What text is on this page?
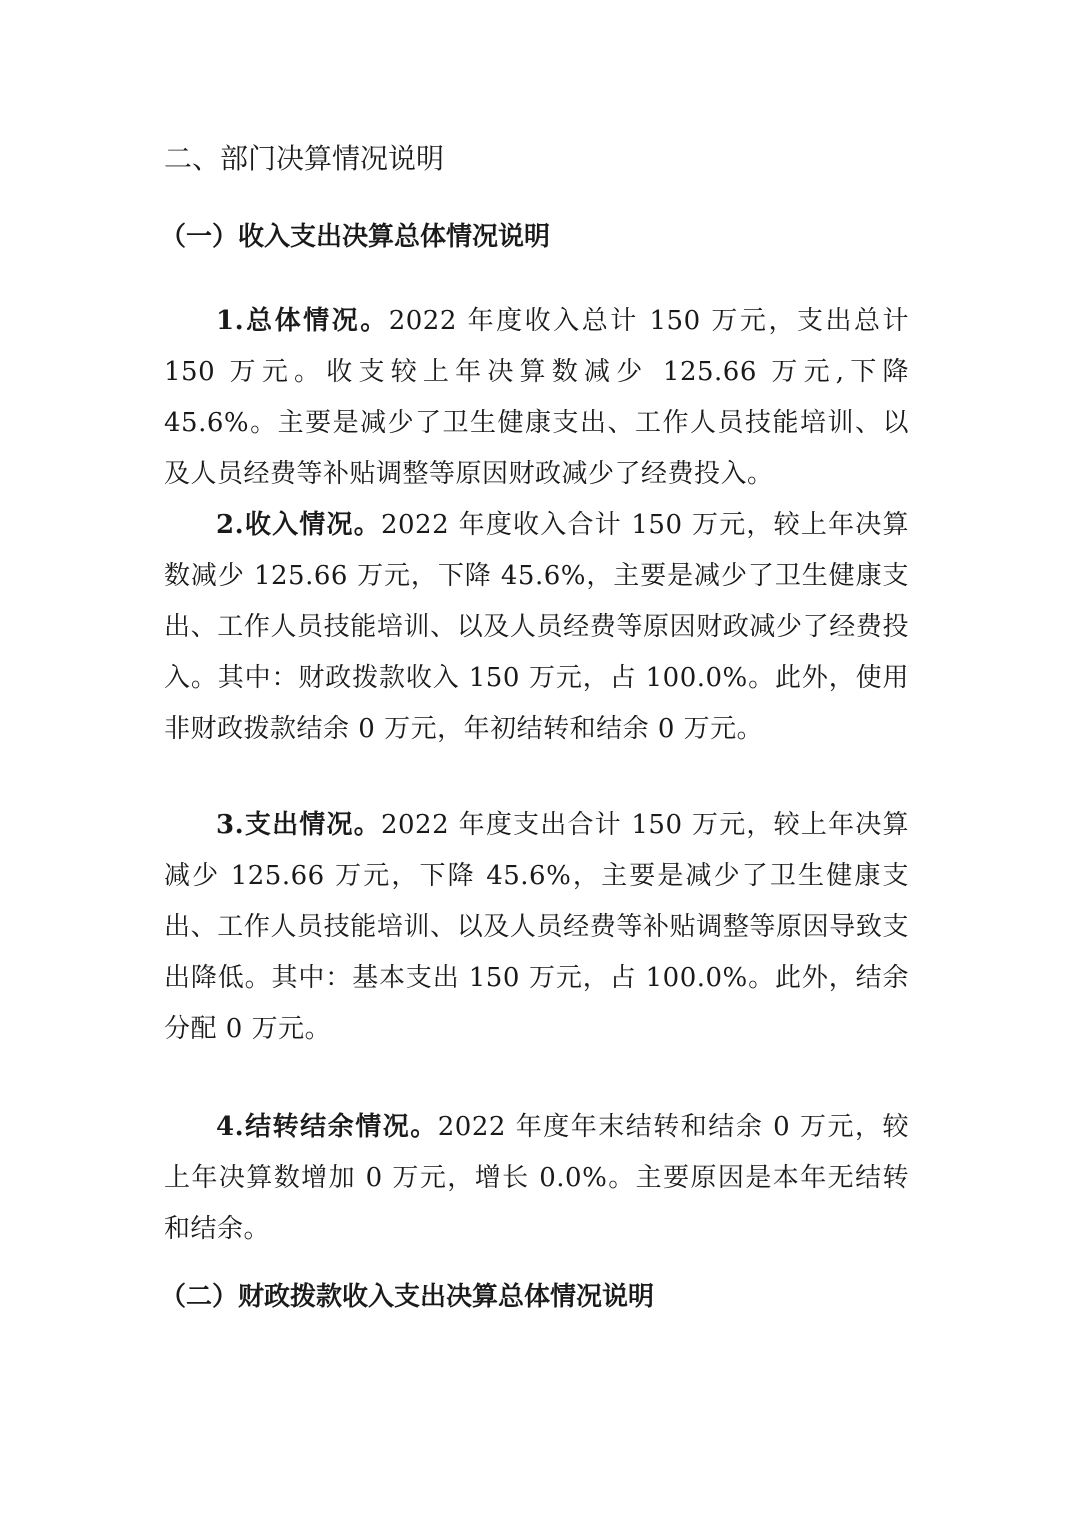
二、部门决算情况说明
（一）收入支出决算总体情况说明

1.总体情况。2022 年度收入总计 150 万元，支出总计 150 万元。收支较上年决算数减少 125.66 万元,下降 45.6%。主要是减少了卫生健康支出、工作人员技能培训、以及人员经费等补贴调整等原因财政减少了经费投入。

2.收入情况。2022 年度收入合计 150 万元，较上年决算数减少 125.66 万元，下降 45.6%，主要是减少了卫生健康支出、工作人员技能培训、以及人员经费等原因财政减少了经费投入。其中：财政拨款收入 150 万元，占 100.0%。此外，使用非财政拨款结余 0 万元，年初结转和结余 0 万元。

3.支出情况。2022 年度支出合计 150 万元，较上年决算减少 125.66 万元，下降 45.6%，主要是减少了卫生健康支出、工作人员技能培训、以及人员经费等补贴调整等原因导致支出降低。其中：基本支出 150 万元，占 100.0%。此外，结余分配 0 万元。

4.结转结余情况。2022 年度年末结转和结余 0 万元，较上年决算数增加 0 万元，增长 0.0%。主要原因是本年无结转和结余。

（二）财政拨款收入支出决算总体情况说明
